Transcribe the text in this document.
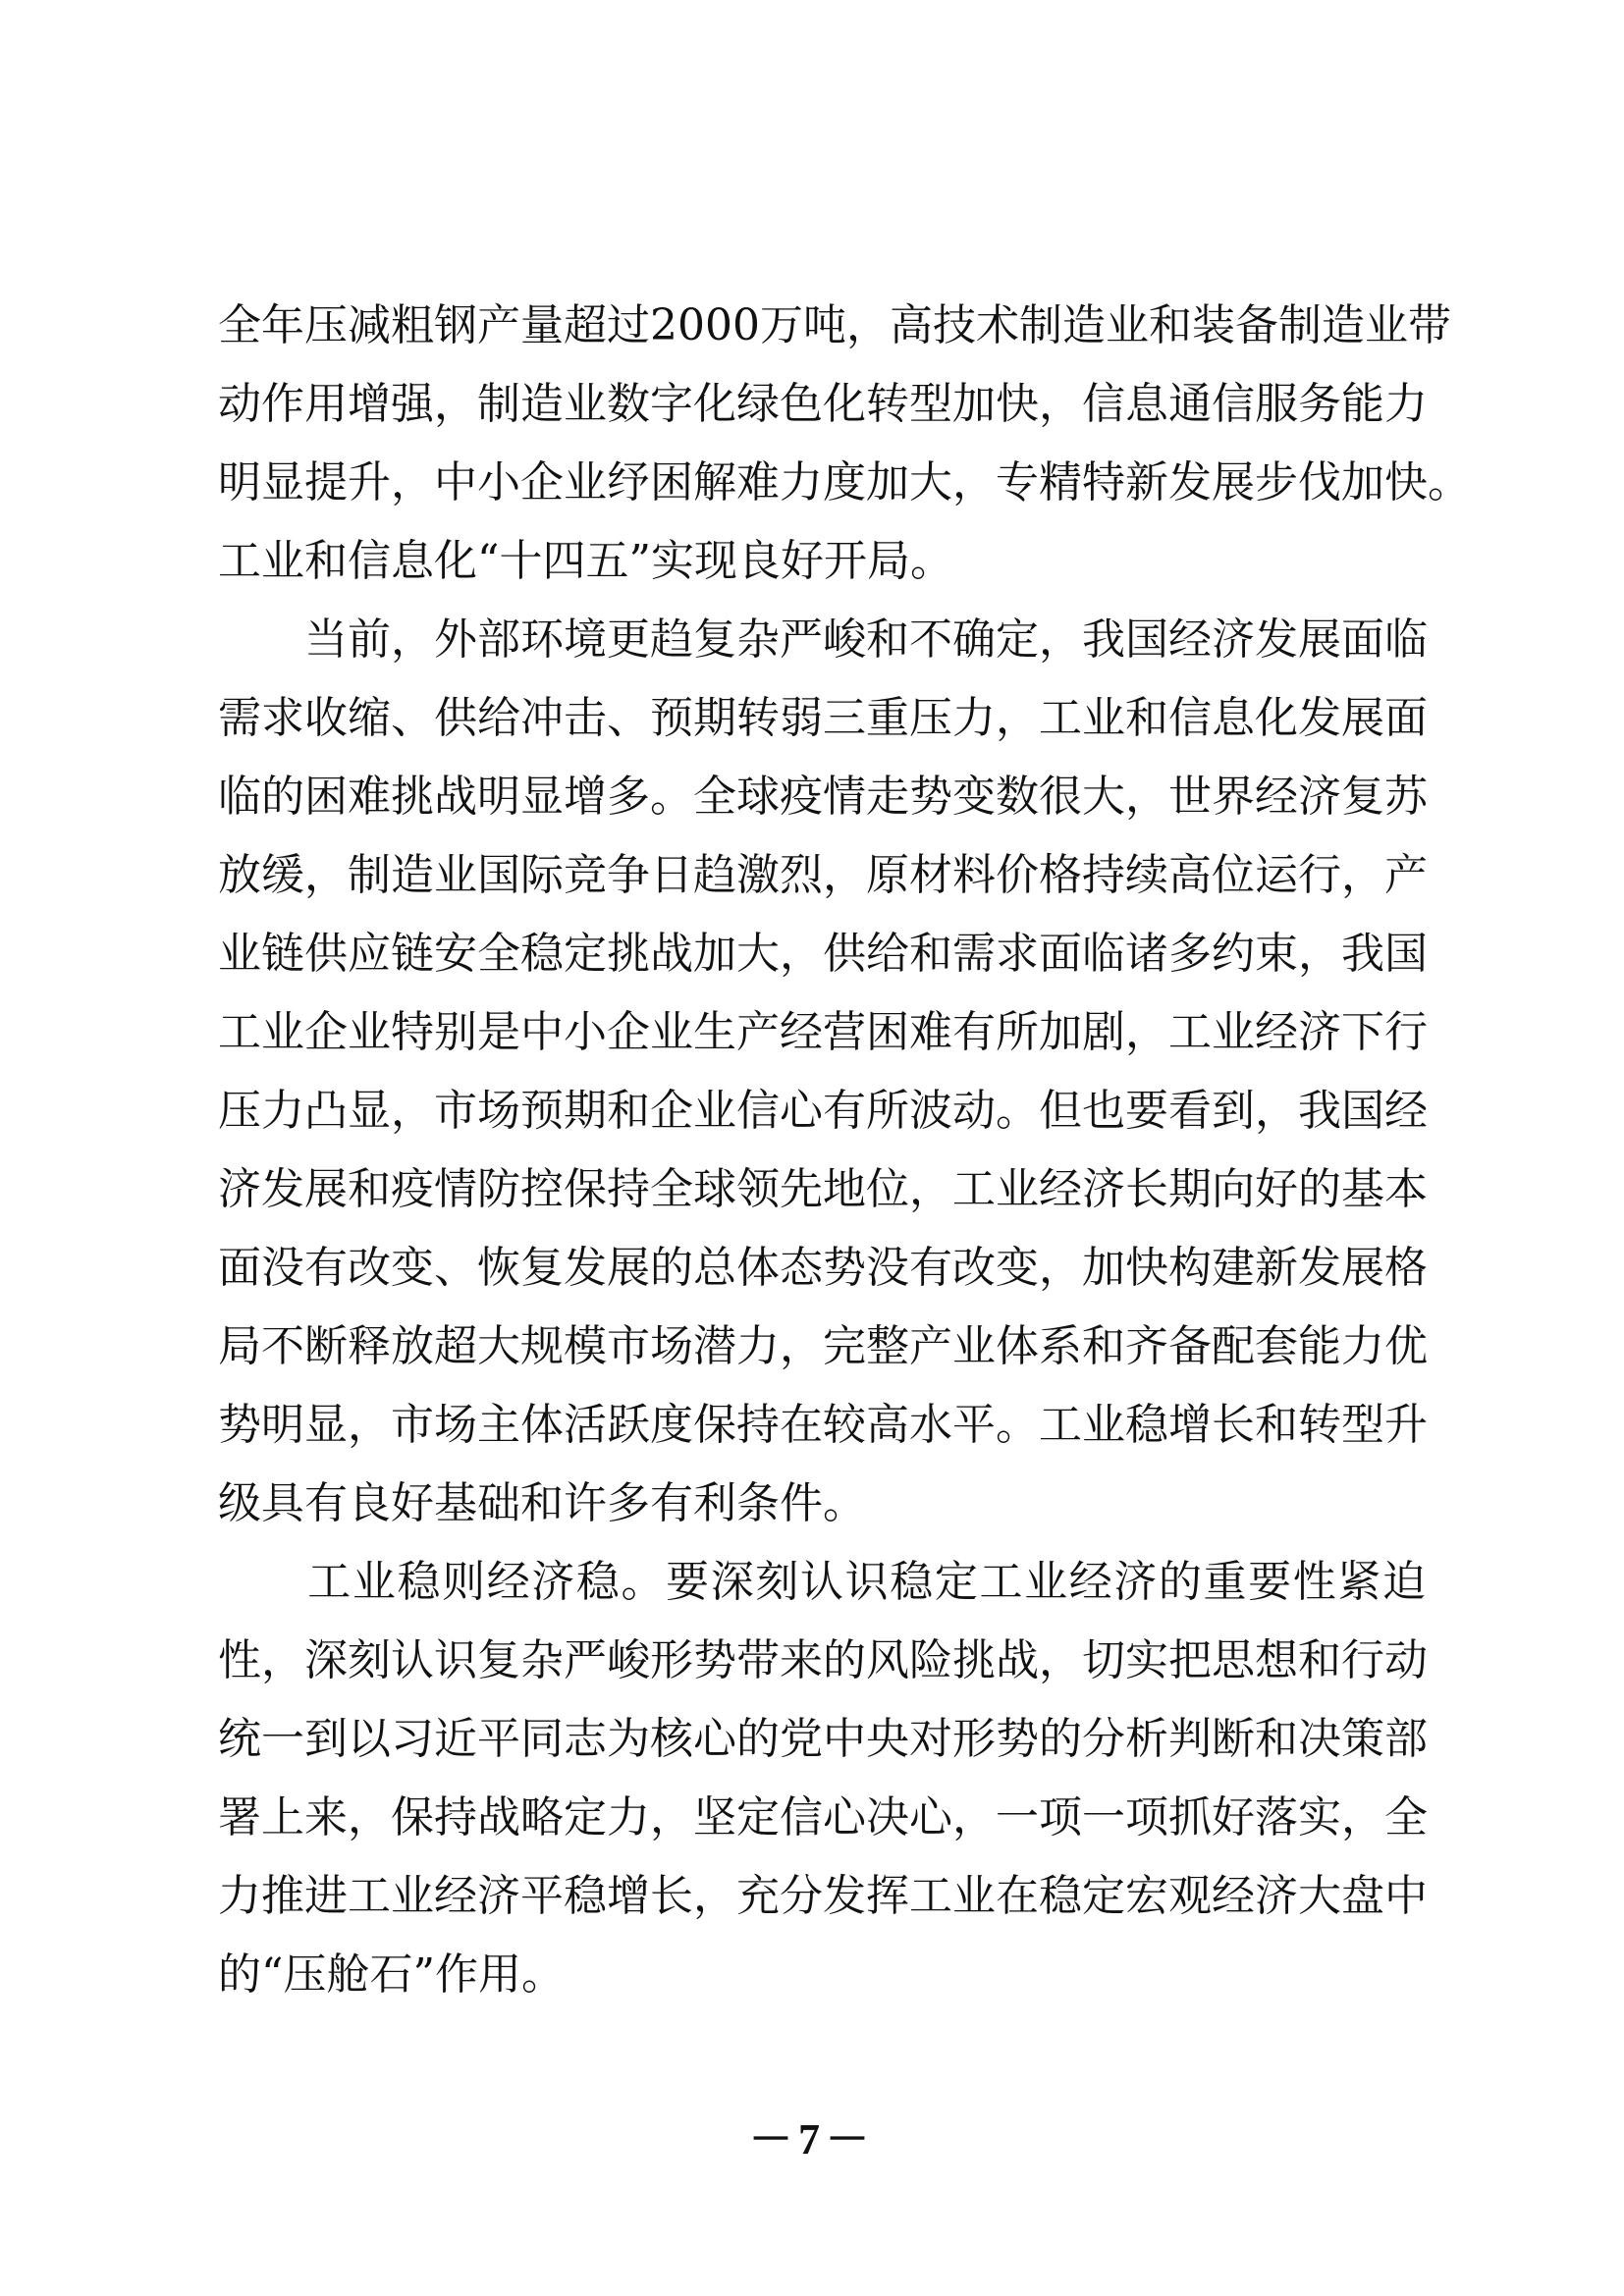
全年压减粗钢产量超过2000万吨，高技术制造业和装备制造业带
动作用增强，制造业数字化绿色化转型加快，信息通信服务能力
明显提升，中小企业纾困解难力度加大，专精特新发展步伐加快。
工业和信息化“十四五”实现良好开局。
　　当前，外部环境更趋复杂严峻和不确定，我国经济发展面临
需求收缩、供给冲击、预期转弱三重压力，工业和信息化发展面
临的困难挑战明显增多。全球疫情走势变数很大，世界经济复苏
放缓，制造业国际竞争日趋激烈，原材料价格持续高位运行，产
业链供应链安全稳定挑战加大，供给和需求面临诸多约束，我国
工业企业特别是中小企业生产经营困难有所加剧，工业经济下行
压力凸显，市场预期和企业信心有所波动。但也要看到，我国经
济发展和疫情防控保持全球领先地位，工业经济长期向好的基本
面没有改变、恢复发展的总体态势没有改变，加快构建新发展格
局不断释放超大规模市场潜力，完整产业体系和齐备配套能力优
势明显，市场主体活跃度保持在较高水平。工业稳增长和转型升
级具有良好基础和许多有利条件。
　　工业稳则经济稳。要深刻认识稳定工业经济的重要性紧迫
性，深刻认识复杂严峻形势带来的风险挑战，切实把思想和行动
统一到以习近平同志为核心的党中央对形势的分析判断和决策部
署上来，保持战略定力，坚定信心决心，一项一项抓好落实，全
力推进工业经济平稳增长，充分发挥工业在稳定宏观经济大盘中
的“压舱石”作用。
－7－
